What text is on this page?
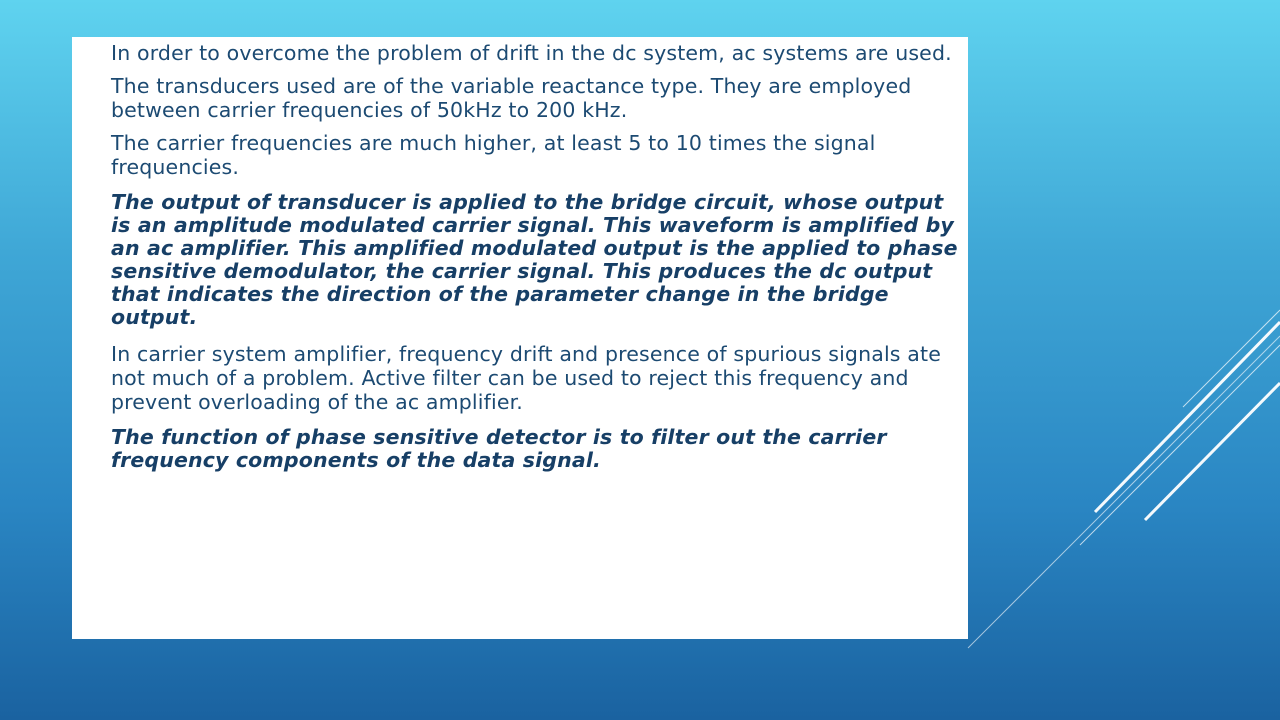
In order to overcome the problem of drift in the dc system, ac systems are used.

The transducers used are of the variable reactance type. They are employed between carrier frequencies of 50kHz to 200 kHz.

The carrier frequencies are much higher, at least 5 to 10 times the signal frequencies.

The output of transducer is applied to the bridge circuit, whose output is an amplitude modulated carrier signal. This waveform is amplified by an ac amplifier. This amplified modulated output is the applied to phase sensitive demodulator, the carrier signal. This produces the dc output that indicates the direction of the parameter change in the bridge output.

In carrier system amplifier, frequency drift and presence of spurious signals ate not much of a problem. Active filter can be used to reject this frequency and prevent overloading of the ac amplifier.

The function of phase sensitive detector is to filter out the carrier frequency components of the data signal.
